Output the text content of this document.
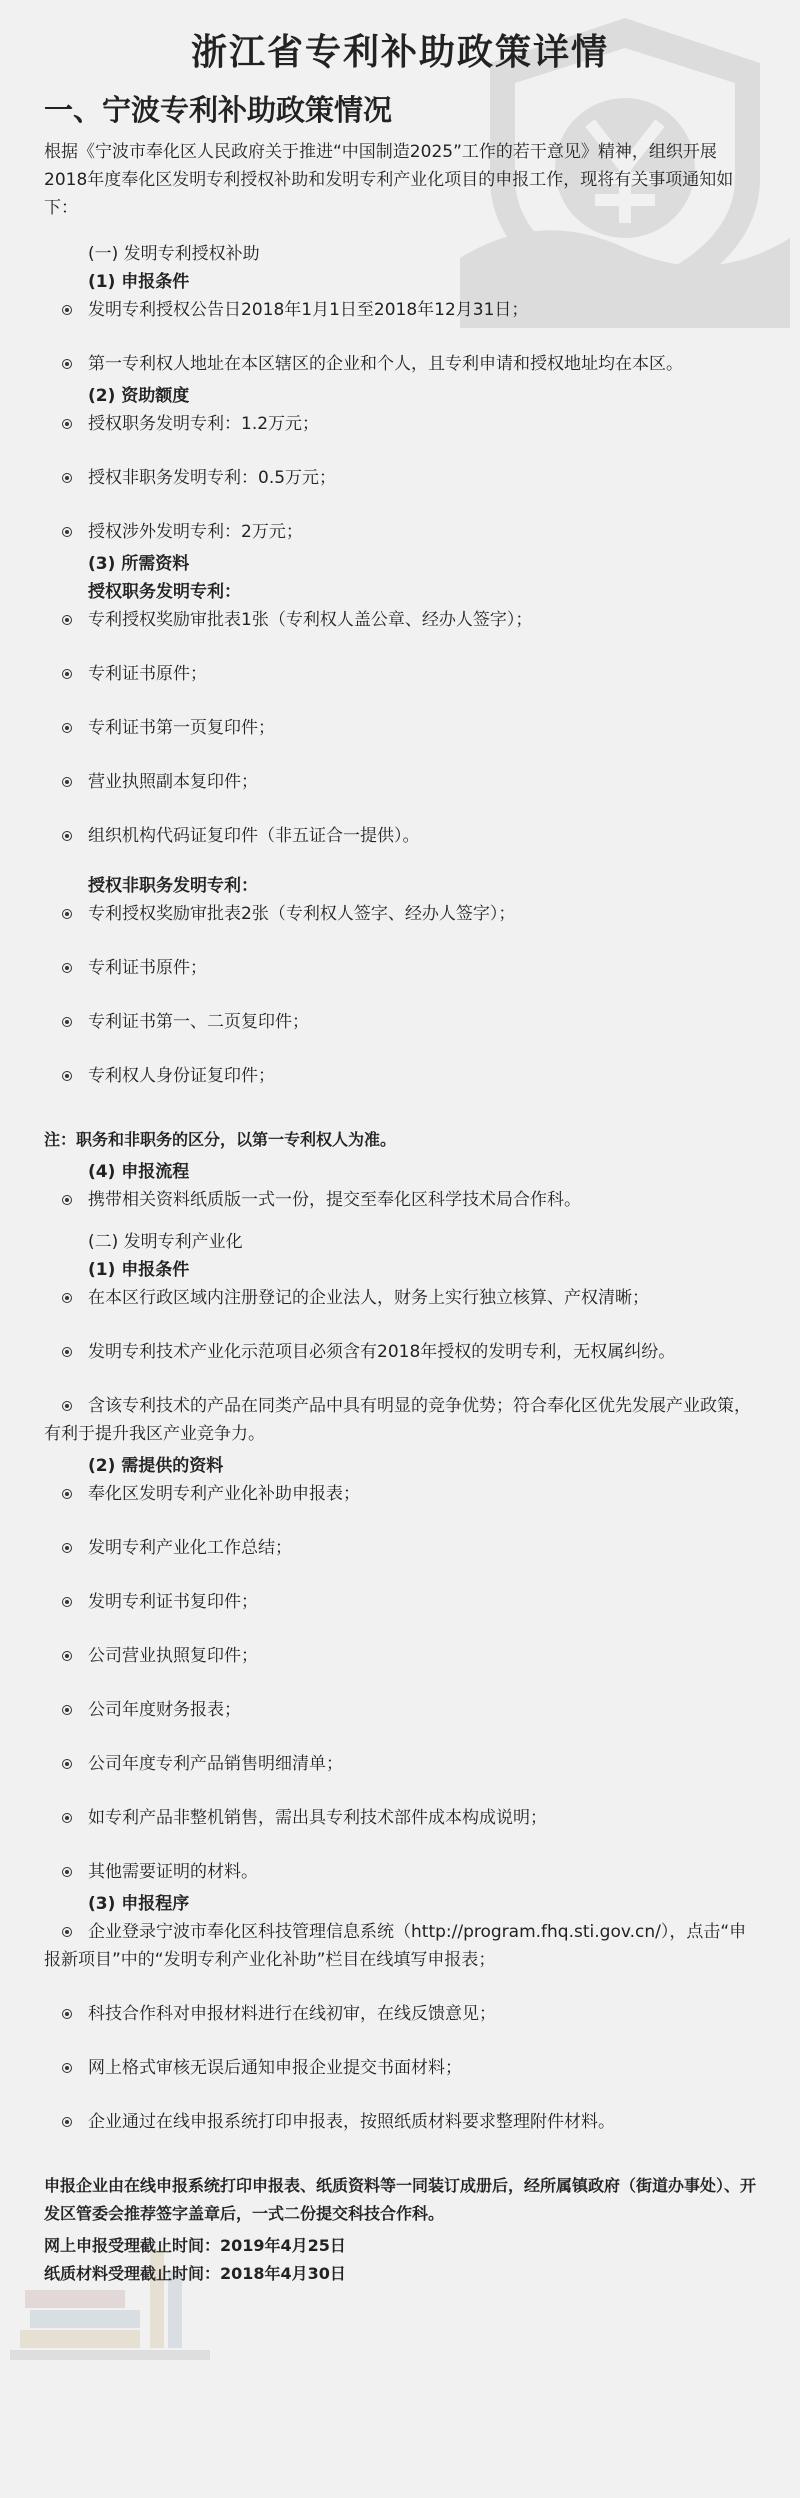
浙江省专利补助政策详情
一、宁波专利补助政策情况

根据《宁波市奉化区人民政府关于推进“中国制造2025”工作的若干意见》精神，组织开展2018年度奉化区发明专利授权补助和发明专利产业化项目的申报工作，现将有关事项通知如下：

(一) 发明专利授权补助

(1) 申报条件

发明专利授权公告日2018年1月1日至2018年12月31日；

第一专利权人地址在本区辖区的企业和个人，且专利申请和授权地址均在本区。

(2) 资助额度

授权职务发明专利：1.2万元；

授权非职务发明专利：0.5万元；

授权涉外发明专利：2万元；

(3) 所需资料

授权职务发明专利：

专利授权奖励审批表1张（专利权人盖公章、经办人签字）；

专利证书原件；

专利证书第一页复印件；

营业执照副本复印件；

组织机构代码证复印件（非五证合一提供）。

授权非职务发明专利：

专利授权奖励审批表2张（专利权人签字、经办人签字）；

专利证书原件；

专利证书第一、二页复印件；

专利权人身份证复印件；

注：职务和非职务的区分，以第一专利权人为准。

(4) 申报流程

携带相关资料纸质版一式一份，提交至奉化区科学技术局合作科。

(二) 发明专利产业化

(1) 申报条件

在本区行政区域内注册登记的企业法人，财务上实行独立核算、产权清晰；

发明专利技术产业化示范项目必须含有2018年授权的发明专利，无权属纠纷。

含该专利技术的产品在同类产品中具有明显的竞争优势；符合奉化区优先发展产业政策，有利于提升我区产业竞争力。

(2) 需提供的资料

奉化区发明专利产业化补助申报表；

发明专利产业化工作总结；

发明专利证书复印件；

公司营业执照复印件；

公司年度财务报表；

公司年度专利产品销售明细清单；

如专利产品非整机销售，需出具专利技术部件成本构成说明；

其他需要证明的材料。

(3) 申报程序

企业登录宁波市奉化区科技管理信息系统（http://program.fhq.sti.gov.cn/），点击“申报新项目”中的“发明专利产业化补助”栏目在线填写申报表；

科技合作科对申报材料进行在线初审，在线反馈意见；

网上格式审核无误后通知申报企业提交书面材料；

企业通过在线申报系统打印申报表，按照纸质材料要求整理附件材料。

申报企业由在线申报系统打印申报表、纸质资料等一同装订成册后，经所属镇政府（街道办事处）、开发区管委会推荐签字盖章后，一式二份提交科技合作科。

网上申报受理截止时间：2019年4月25日

纸质材料受理截止时间：2018年4月30日
